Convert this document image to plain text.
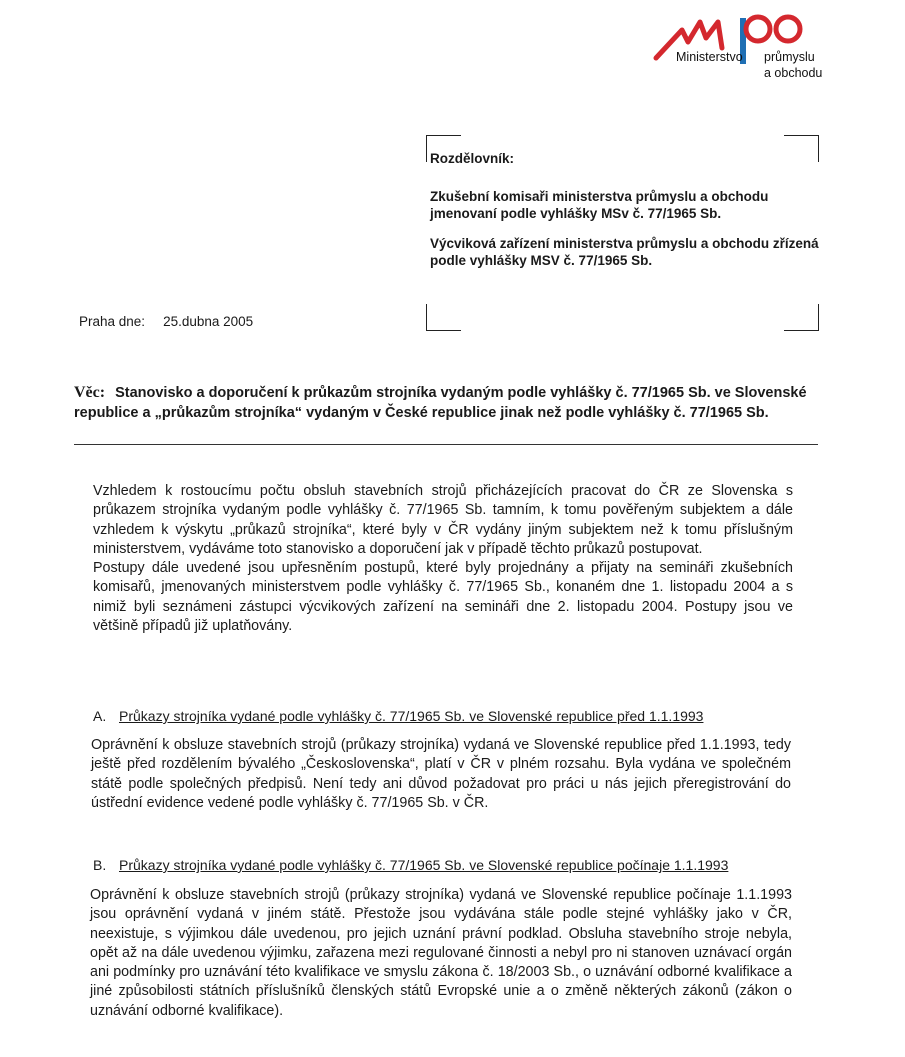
Ministerstvo průmyslu
a obchodu

Rozdělovník:

Zkušební komisaři ministerstva průmyslu a obchodu jmenovaní podle vyhlášky MSv č. 77/1965 Sb.

Výcviková zařízení ministerstva průmyslu a obchodu zřízená podle vyhlášky MSV č. 77/1965 Sb.

Praha dne: 25.dubna 2005
Věc: Stanovisko a doporučení k průkazům strojníka vydaným podle vyhlášky č. 77/1965 Sb. ve Slovenské republice a „průkazům strojníka“ vydaným v České republice jinak než podle vyhlášky č. 77/1965 Sb.

Vzhledem k rostoucímu počtu obsluh stavebních strojů přicházejících pracovat do ČR ze Slovenska s průkazem strojníka vydaným podle vyhlášky č. 77/1965 Sb. tamním, k tomu pověřeným subjektem a dále vzhledem k výskytu „průkazů strojníka“, které byly v ČR vydány jiným subjektem než k tomu příslušným ministerstvem, vydáváme toto stanovisko a doporučení jak v případě těchto průkazů postupovat.

Postupy dále uvedené jsou upřesněním postupů, které byly projednány a přijaty na semináři zkušebních komisařů, jmenovaných ministerstvem podle vyhlášky č. 77/1965 Sb., konaném dne 1. listopadu 2004 a s nimiž byli seznámeni zástupci výcvikových zařízení na semináři dne 2. listopadu 2004. Postupy jsou ve většině případů již uplatňovány.

A. Průkazy strojníka vydané podle vyhlášky č. 77/1965 Sb. ve Slovenské republice před 1.1.1993
Oprávnění k obsluze stavebních strojů (průkazy strojníka) vydaná ve Slovenské republice před 1.1.1993, tedy ještě před rozdělením bývalého „Československa“, platí v ČR v plném rozsahu. Byla vydána ve společném státě podle společných předpisů. Není tedy ani důvod požadovat pro práci u nás jejich přeregistrování do ústřední evidence vedené podle vyhlášky č. 77/1965 Sb. v ČR.
B. Průkazy strojníka vydané podle vyhlášky č. 77/1965 Sb. ve Slovenské republice počínaje 1.1.1993
Oprávnění k obsluze stavebních strojů (průkazy strojníka) vydaná ve Slovenské republice počínaje 1.1.1993 jsou oprávnění vydaná v jiném státě. Přestože jsou vydávána stále podle stejné vyhlášky jako v ČR, neexistuje, s výjimkou dále uvedenou, pro jejich uznání právní podklad. Obsluha stavebního stroje nebyla, opět až na dále uvedenou výjimku, zařazena mezi regulované činnosti a nebyl pro ni stanoven uznávací orgán ani podmínky pro uznávání této kvalifikace ve smyslu zákona č. 18/2003 Sb., o uznávání odborné kvalifikace a jiné způsobilosti státních příslušníků členských států Evropské unie a o změně některých zákonů (zákon o uznávání odborné kvalifikace).
